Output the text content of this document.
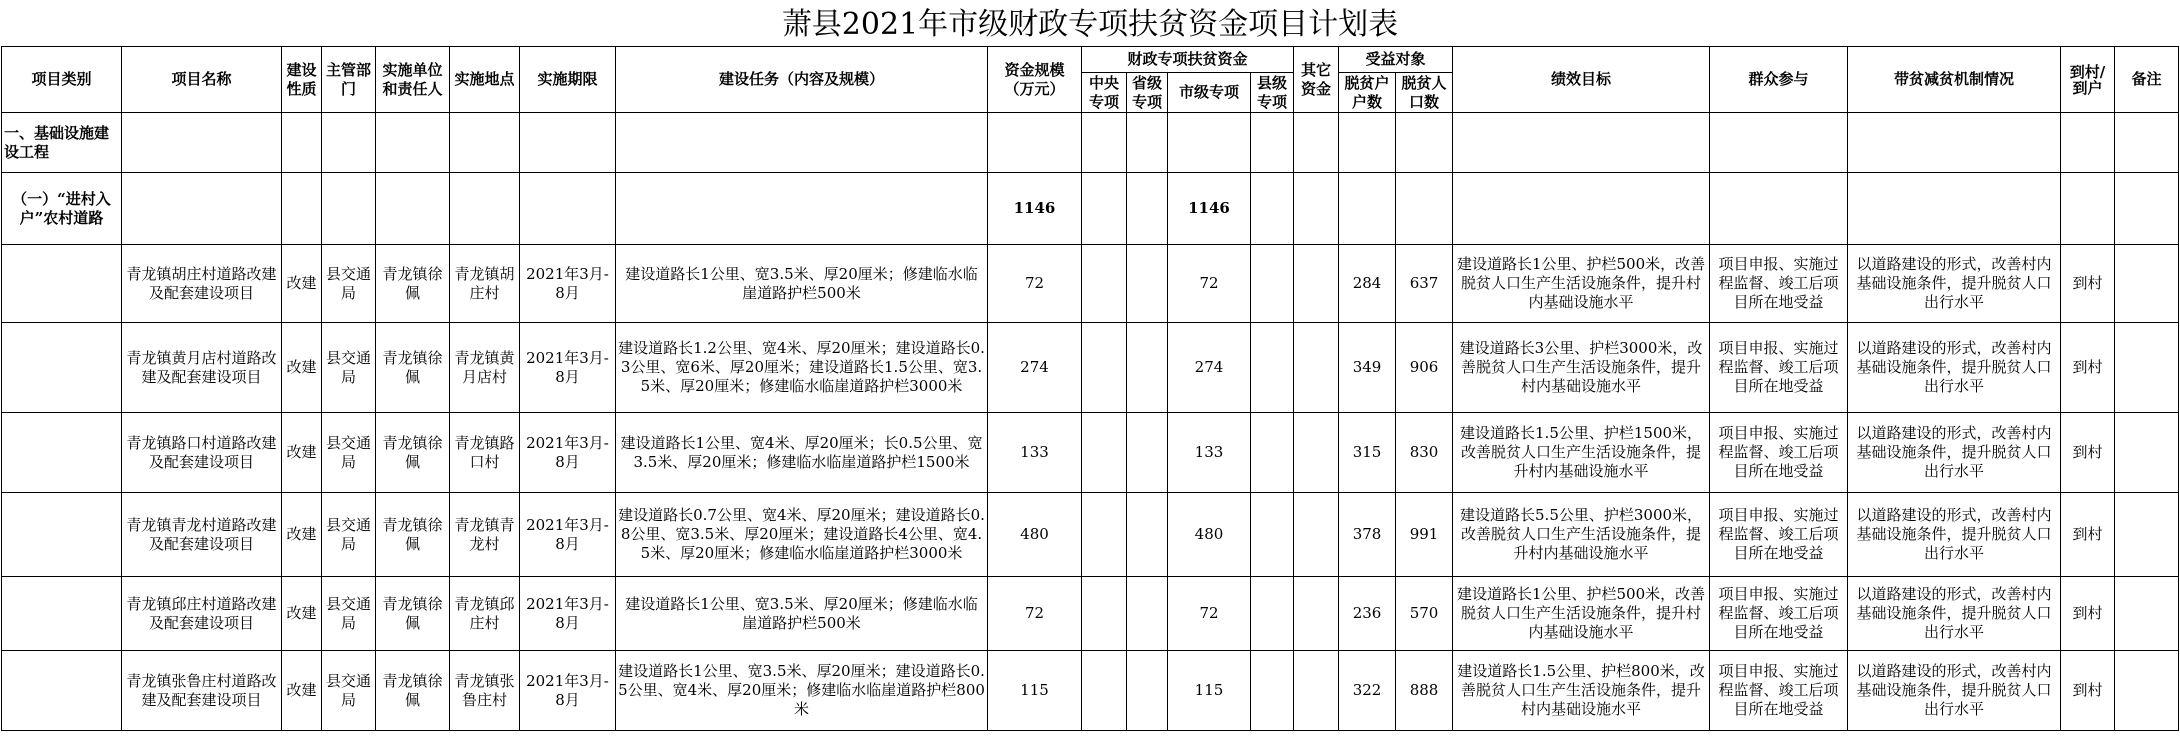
萧县2021年市级财政专项扶贫资金项目计划表
项目类别	项目名称	建设性质	主管部门	实施单位和责任人	实施地点	实施期限	建设任务（内容及规模）	资金规模（万元）	财政专项扶贫资金				其它资金	受益对象		绩效目标	群众参与	带贫减贫机制情况	到村/到户	备注
									中央专项	省级专项	市级专项	县级专项		脱贫户户数	脱贫人口数					
一、基础设施建设工程																				
（一）“进村入户”农村道路								1146			1146									
	青龙镇胡庄村道路改建及配套建设项目	改建	县交通局	青龙镇徐佩	青龙镇胡庄村	2021年3月-8月	建设道路长1公里、宽3.5米、厚20厘米；修建临水临崖道路护栏500米	72			72			284	637	建设道路长1公里、护栏500米，改善脱贫人口生产生活设施条件，提升村内基础设施水平	项目申报、实施过程监督、竣工后项目所在地受益	以道路建设的形式，改善村内基础设施条件，提升脱贫人口出行水平	到村	
	青龙镇黄月店村道路改建及配套建设项目	改建	县交通局	青龙镇徐佩	青龙镇黄月店村	2021年3月-8月	建设道路长1.2公里、宽4米、厚20厘米；建设道路长0.3公里、宽6米、厚20厘米；建设道路长1.5公里、宽3.5米、厚20厘米；修建临水临崖道路护栏3000米	274			274			349	906	建设道路长3公里、护栏3000米，改善脱贫人口生产生活设施条件，提升村内基础设施水平	项目申报、实施过程监督、竣工后项目所在地受益	以道路建设的形式，改善村内基础设施条件，提升脱贫人口出行水平	到村	
	青龙镇路口村道路改建及配套建设项目	改建	县交通局	青龙镇徐佩	青龙镇路口村	2021年3月-8月	建设道路长1公里、宽4米、厚20厘米；长0.5公里、宽3.5米、厚20厘米；修建临水临崖道路护栏1500米	133			133			315	830	建设道路长1.5公里、护栏1500米，改善脱贫人口生产生活设施条件，提升村内基础设施水平	项目申报、实施过程监督、竣工后项目所在地受益	以道路建设的形式，改善村内基础设施条件，提升脱贫人口出行水平	到村	
	青龙镇青龙村道路改建及配套建设项目	改建	县交通局	青龙镇徐佩	青龙镇青龙村	2021年3月-8月	建设道路长0.7公里、宽4米、厚20厘米；建设道路长0.8公里、宽3.5米、厚20厘米；建设道路长4公里、宽4.5米、厚20厘米；修建临水临崖道路护栏3000米	480			480			378	991	建设道路长5.5公里、护栏3000米，改善脱贫人口生产生活设施条件，提升村内基础设施水平	项目申报、实施过程监督、竣工后项目所在地受益	以道路建设的形式，改善村内基础设施条件，提升脱贫人口出行水平	到村	
	青龙镇邱庄村道路改建及配套建设项目	改建	县交通局	青龙镇徐佩	青龙镇邱庄村	2021年3月-8月	建设道路长1公里、宽3.5米、厚20厘米；修建临水临崖道路护栏500米	72			72			236	570	建设道路长1公里、护栏500米，改善脱贫人口生产生活设施条件，提升村内基础设施水平	项目申报、实施过程监督、竣工后项目所在地受益	以道路建设的形式，改善村内基础设施条件，提升脱贫人口出行水平	到村	
	青龙镇张鲁庄村道路改建及配套建设项目	改建	县交通局	青龙镇徐佩	青龙镇张鲁庄村	2021年3月-8月	建设道路长1公里、宽3.5米、厚20厘米；建设道路长0.5公里、宽4米、厚20厘米；修建临水临崖道路护栏800米	115			115			322	888	建设道路长1.5公里、护栏800米，改善脱贫人口生产生活设施条件，提升村内基础设施水平	项目申报、实施过程监督、竣工后项目所在地受益	以道路建设的形式，改善村内基础设施条件，提升脱贫人口出行水平	到村	
